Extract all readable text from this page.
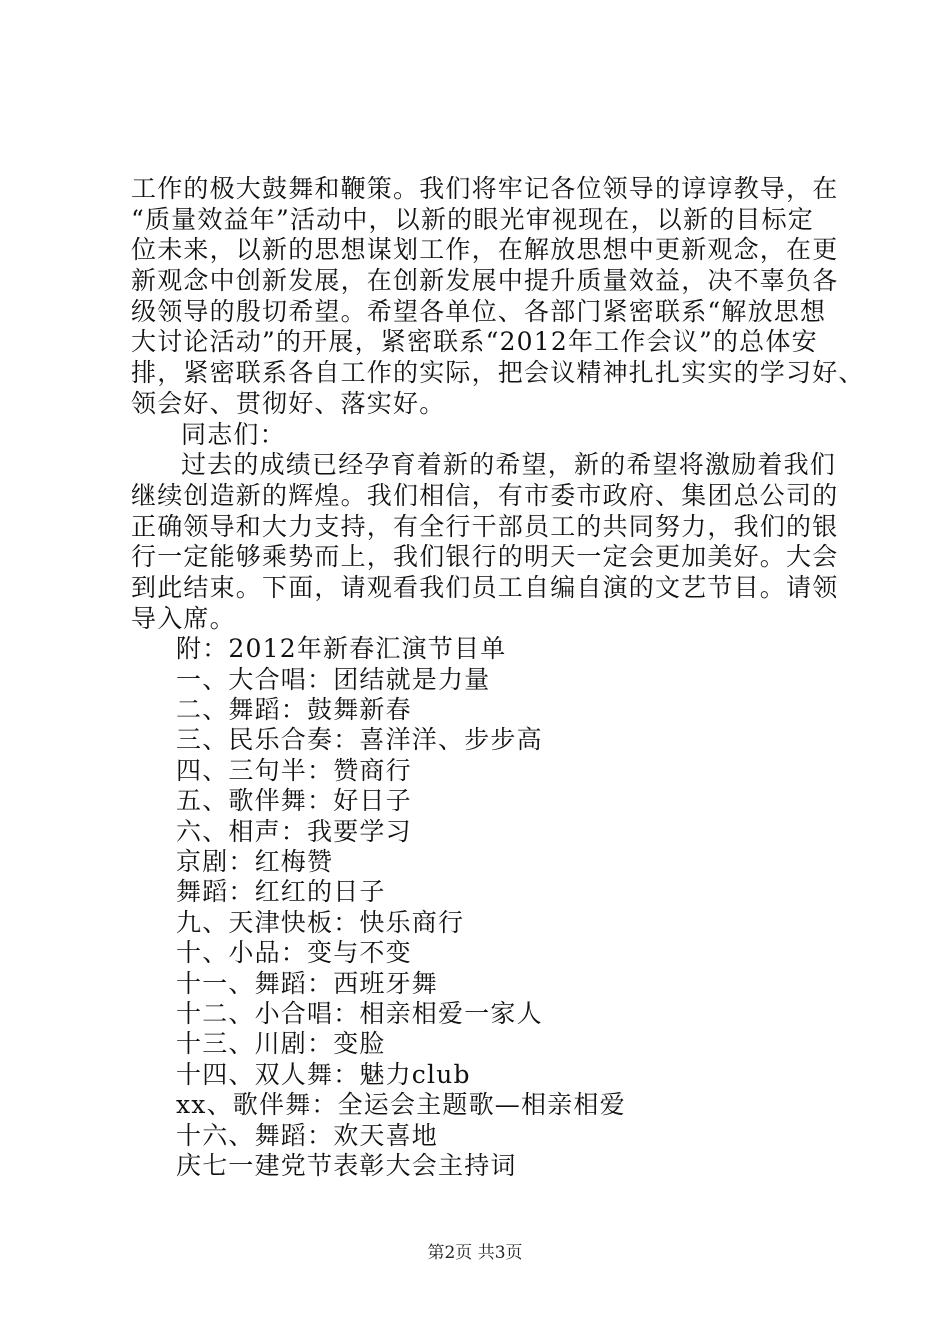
工作的极大鼓舞和鞭策。我们将牢记各位领导的谆谆教导，在
“质量效益年”活动中，以新的眼光审视现在，以新的目标定
位未来，以新的思想谋划工作，在解放思想中更新观念，在更
新观念中创新发展，在创新发展中提升质量效益，决不辜负各
级领导的殷切希望。希望各单位、各部门紧密联系“解放思想
大讨论活动”的开展，紧密联系“2012年工作会议”的总体安
排，紧密联系各自工作的实际，把会议精神扎扎实实的学习好、
领会好、贯彻好、落实好。
同志们：
过去的成绩已经孕育着新的希望，新的希望将激励着我们
继续创造新的辉煌。我们相信，有市委市政府、集团总公司的
正确领导和大力支持，有全行干部员工的共同努力，我们的银
行一定能够乘势而上，我们银行的明天一定会更加美好。大会
到此结束。下面，请观看我们员工自编自演的文艺节目。请领
导入席。
附：2012年新春汇演节目单
一、大合唱：团结就是力量
二、舞蹈：鼓舞新春
三、民乐合奏：喜洋洋、步步高
四、三句半：赞商行
五、歌伴舞：好日子
六、相声：我要学习
京剧：红梅赞
舞蹈：红红的日子
九、天津快板：快乐商行
十、小品：变与不变
十一、舞蹈：西班牙舞
十二、小合唱：相亲相爱一家人
十三、川剧：变脸
十四、双人舞：魅力club
xx、歌伴舞：全运会主题歌—相亲相爱
十六、舞蹈：欢天喜地
庆七一建党节表彰大会主持词
第2页 共3页
